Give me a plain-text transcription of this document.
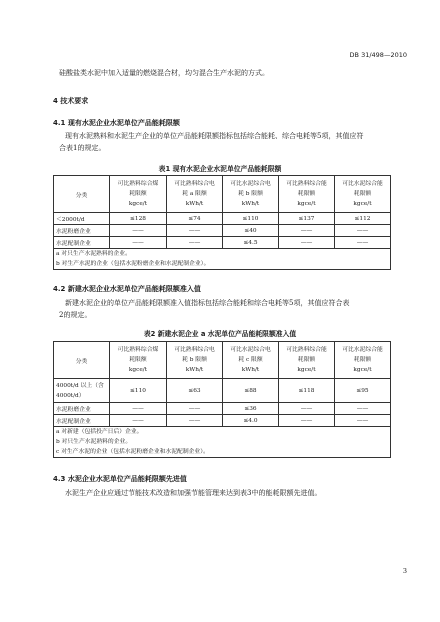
DB 31/498—2010
硅酸盐类水泥中加入适量的燃烧混合材，均匀混合生产水泥的方式。
4 技术要求
4.1 现有水泥企业水泥单位产品能耗限额
现有水泥熟料和水泥生产企业的单位产品能耗限额指标包括综合能耗、综合电耗等5项，其值应符
合表1的规定。
表1 现有水泥企业水泥单位产品能耗限额
分类	可比熟料综合煤
耗限额
kgce/t	可比熟料综合电
耗 a 限额
kWh/t	可比水泥综合电
耗 b 限额
kWh/t	可比熟料综合能
耗限额
kgce/t	可比水泥综合能
耗限额
kgce/t

＜2000t/d	≤128	≤74	≤110	≤137	≤112
水泥粉磨企业	——	——	≤40	——	——
水泥配制企业	——	——	≤4.5	——	——

a 对只生产水泥熟料的企业。
b 对生产水泥的企业（包括水泥粉磨企业和水泥配制企业）。					
4.2 新建水泥企业水泥单位产品能耗限额准入值
新建水泥企业的单位产品能耗限额准入值指标包括综合能耗和综合电耗等5项，其值应符合表
2的规定。
表2 新建水泥企业 a 水泥单位产品能耗限额准入值
分类	可比熟料综合煤
耗限额
kgce/t	可比熟料综合电
耗 b 限额
kWh/t	可比水泥综合电
耗 c 限额
kWh/t	可比熟料综合能
耗限额
kgce/t	可比水泥综合能
耗限额
kgce/t

4000t/d 以上（含
4000t/d）	≤110	≤63	≤88	≤118	≤95
水泥粉磨企业	——	——	≤36	——	——
水泥配制企业	——	——	≤4.0	——	——

a 对新建（包括投产日后）企业。
b 对只生产水泥熟料的企业。
c 对生产水泥的企业（包括水泥粉磨企业和水泥配制企业）。					
4.3 水泥企业水泥单位产品能耗限额先进值
水泥生产企业应通过节能技术改造和加强节能管理来达到表3中的能耗限额先进值。
3
